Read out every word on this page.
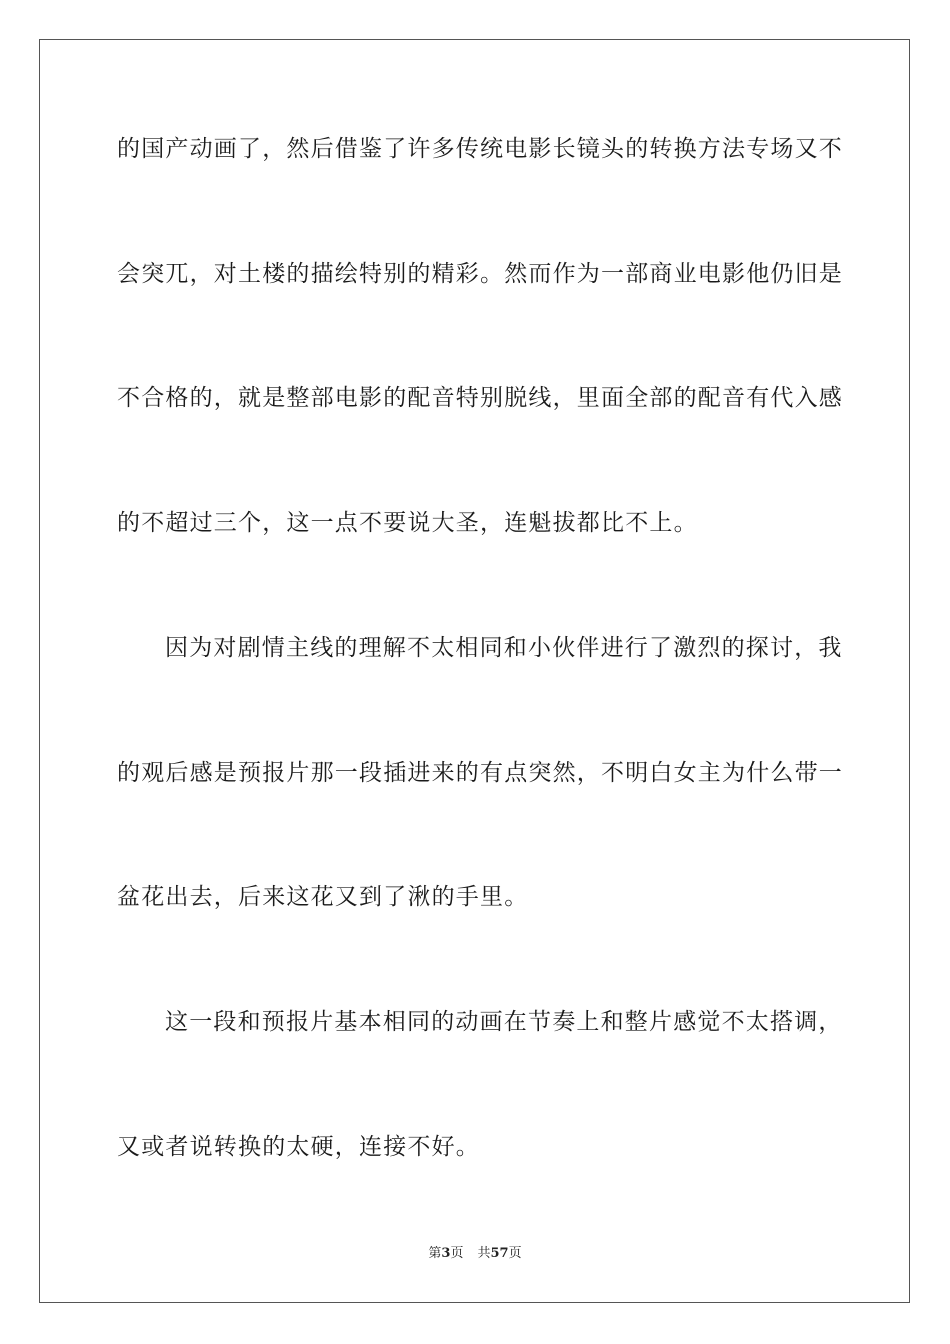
的国产动画了，然后借鉴了许多传统电影长镜头的转换方法专场又不
会突兀，对土楼的描绘特别的精彩。然而作为一部商业电影他仍旧是
不合格的，就是整部电影的配音特别脱线，里面全部的配音有代入感
的不超过三个，这一点不要说大圣，连魁拔都比不上。
因为对剧情主线的理解不太相同和小伙伴进行了激烈的探讨，我
的观后感是预报片那一段插进来的有点突然，不明白女主为什么带一
盆花出去，后来这花又到了湫的手里。
这一段和预报片基本相同的动画在节奏上和整片感觉不太搭调，
又或者说转换的太硬，连接不好。
第3页 共57页
